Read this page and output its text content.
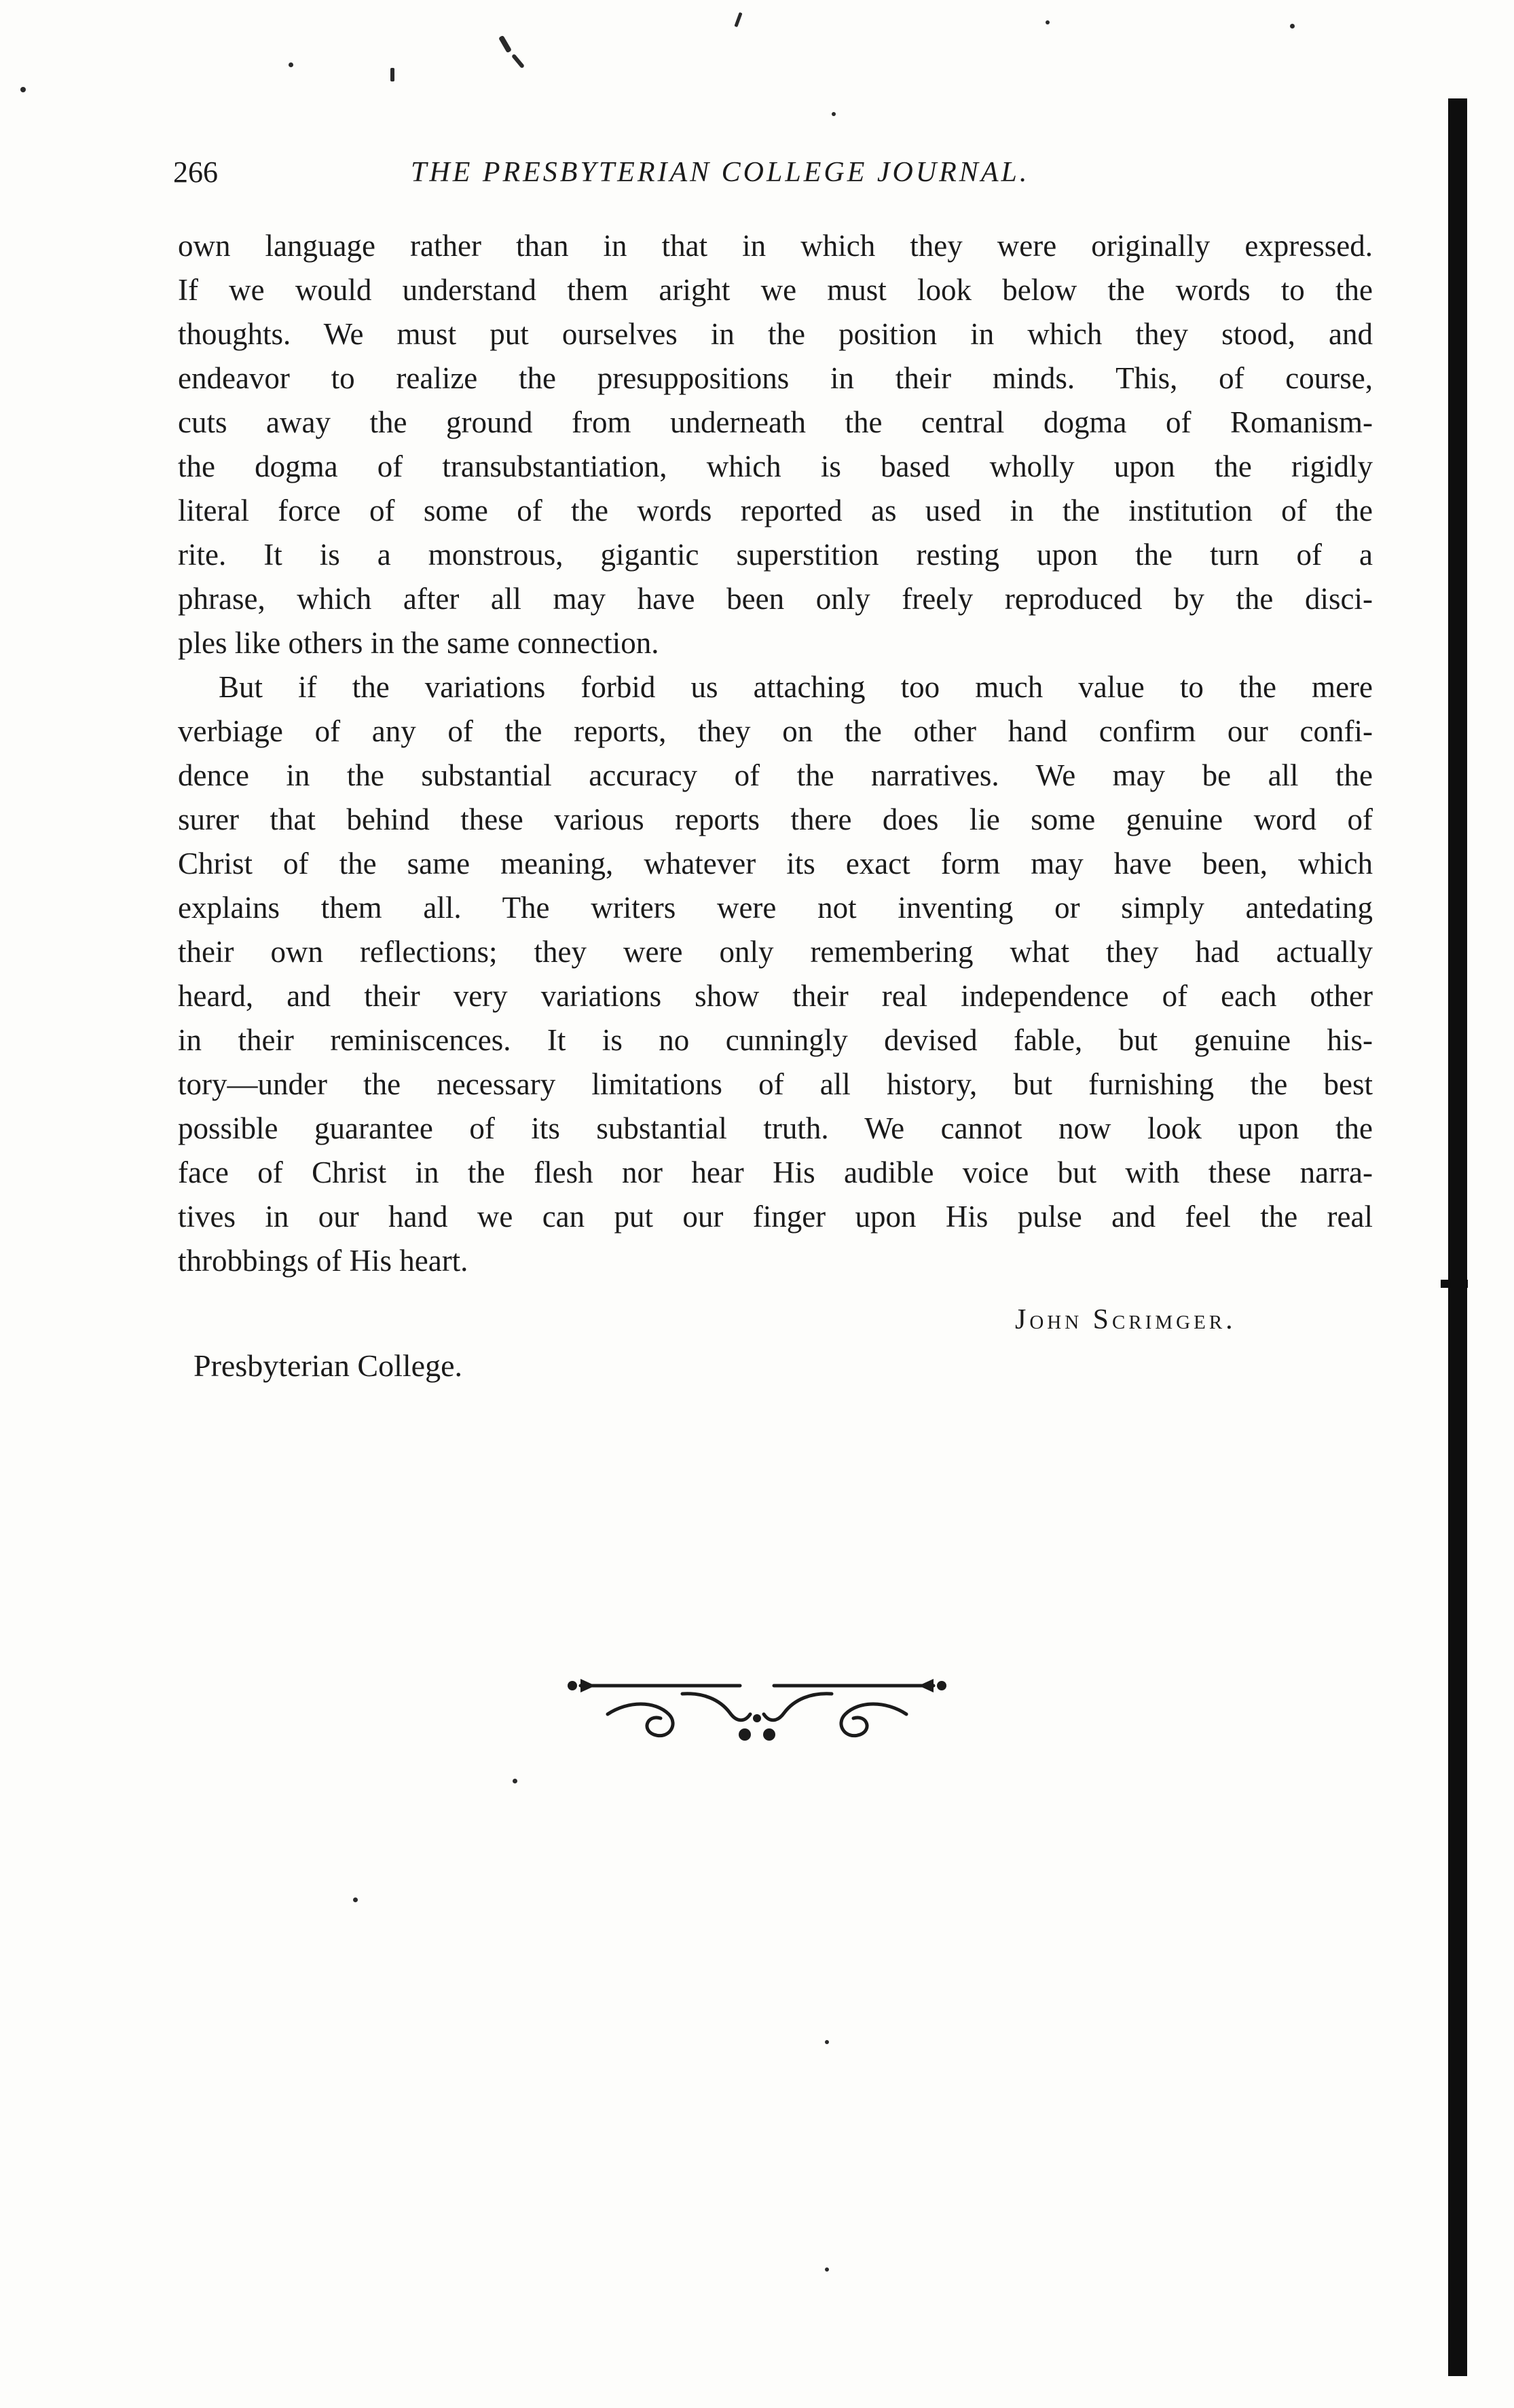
266	THE PRESBYTERIAN COLLEGE JOURNAL.
own language rather than in that in which they were originally expressed.
If we would understand them aright we must look below the words to the
thoughts. We must put ourselves in the position in which they stood, and
endeavor to realize the presuppositions in their minds. This, of course,
cuts away the ground from underneath the central dogma of Romanism-
the dogma of transubstantiation, which is based wholly upon the rigidly
literal force of some of the words reported as used in the institution of the
rite. It is a monstrous, gigantic superstition resting upon the turn of a
phrase, which after all may have been only freely reproduced by the disci-
ples like others in the same connection.
But if the variations forbid us attaching too much value to the mere
verbiage of any of the reports, they on the other hand confirm our confi-
dence in the substantial accuracy of the narratives. We may be all the
surer that behind these various reports there does lie some genuine word of
Christ of the same meaning, whatever its exact form may have been, which
explains them all. The writers were not inventing or simply antedating
their own reflections; they were only remembering what they had actually
heard, and their very variations show their real independence of each other
in their reminiscences. It is no cunningly devised fable, but genuine his-
tory—under the necessary limitations of all history, but furnishing the best
possible guarantee of its substantial truth. We cannot now look upon the
face of Christ in the flesh nor hear His audible voice but with these narra-
tives in our hand we can put our finger upon His pulse and feel the real
throbbings of His heart.
John Scrimger.
Presbyterian College.
